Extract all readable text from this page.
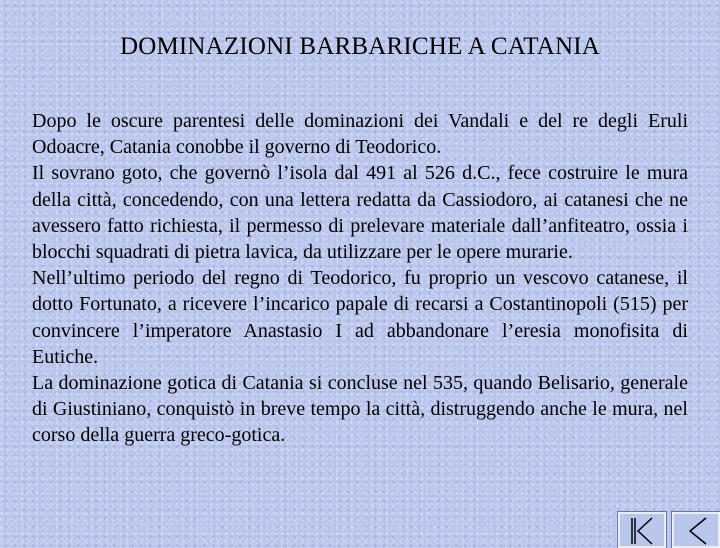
DOMINAZIONI BARBARICHE A CATANIA

Dopo le oscure parentesi delle dominazioni dei Vandali e del re degli Eruli Odoacre, Catania conobbe il governo di Teodorico.

Il sovrano goto, che governò l’isola dal 491 al 526 d.C., fece costruire le mura della città, concedendo, con una lettera redatta da Cassiodoro, ai catanesi che ne avessero fatto richiesta, il permesso di prelevare materiale dall’anfiteatro, ossia i blocchi squadrati di pietra lavica, da utilizzare per le opere murarie.

Nell’ultimo periodo del regno di Teodorico, fu proprio un vescovo catanese, il dotto Fortunato, a ricevere l’incarico papale di recarsi a Costantinopoli (515) per convincere l’imperatore Anastasio I ad abbandonare l’eresia monofisita di Eutiche.

La dominazione gotica di Catania si concluse nel 535, quando Belisario, generale di Giustiniano, conquistò in breve tempo la città, distruggendo anche le mura, nel corso della guerra greco-gotica.
